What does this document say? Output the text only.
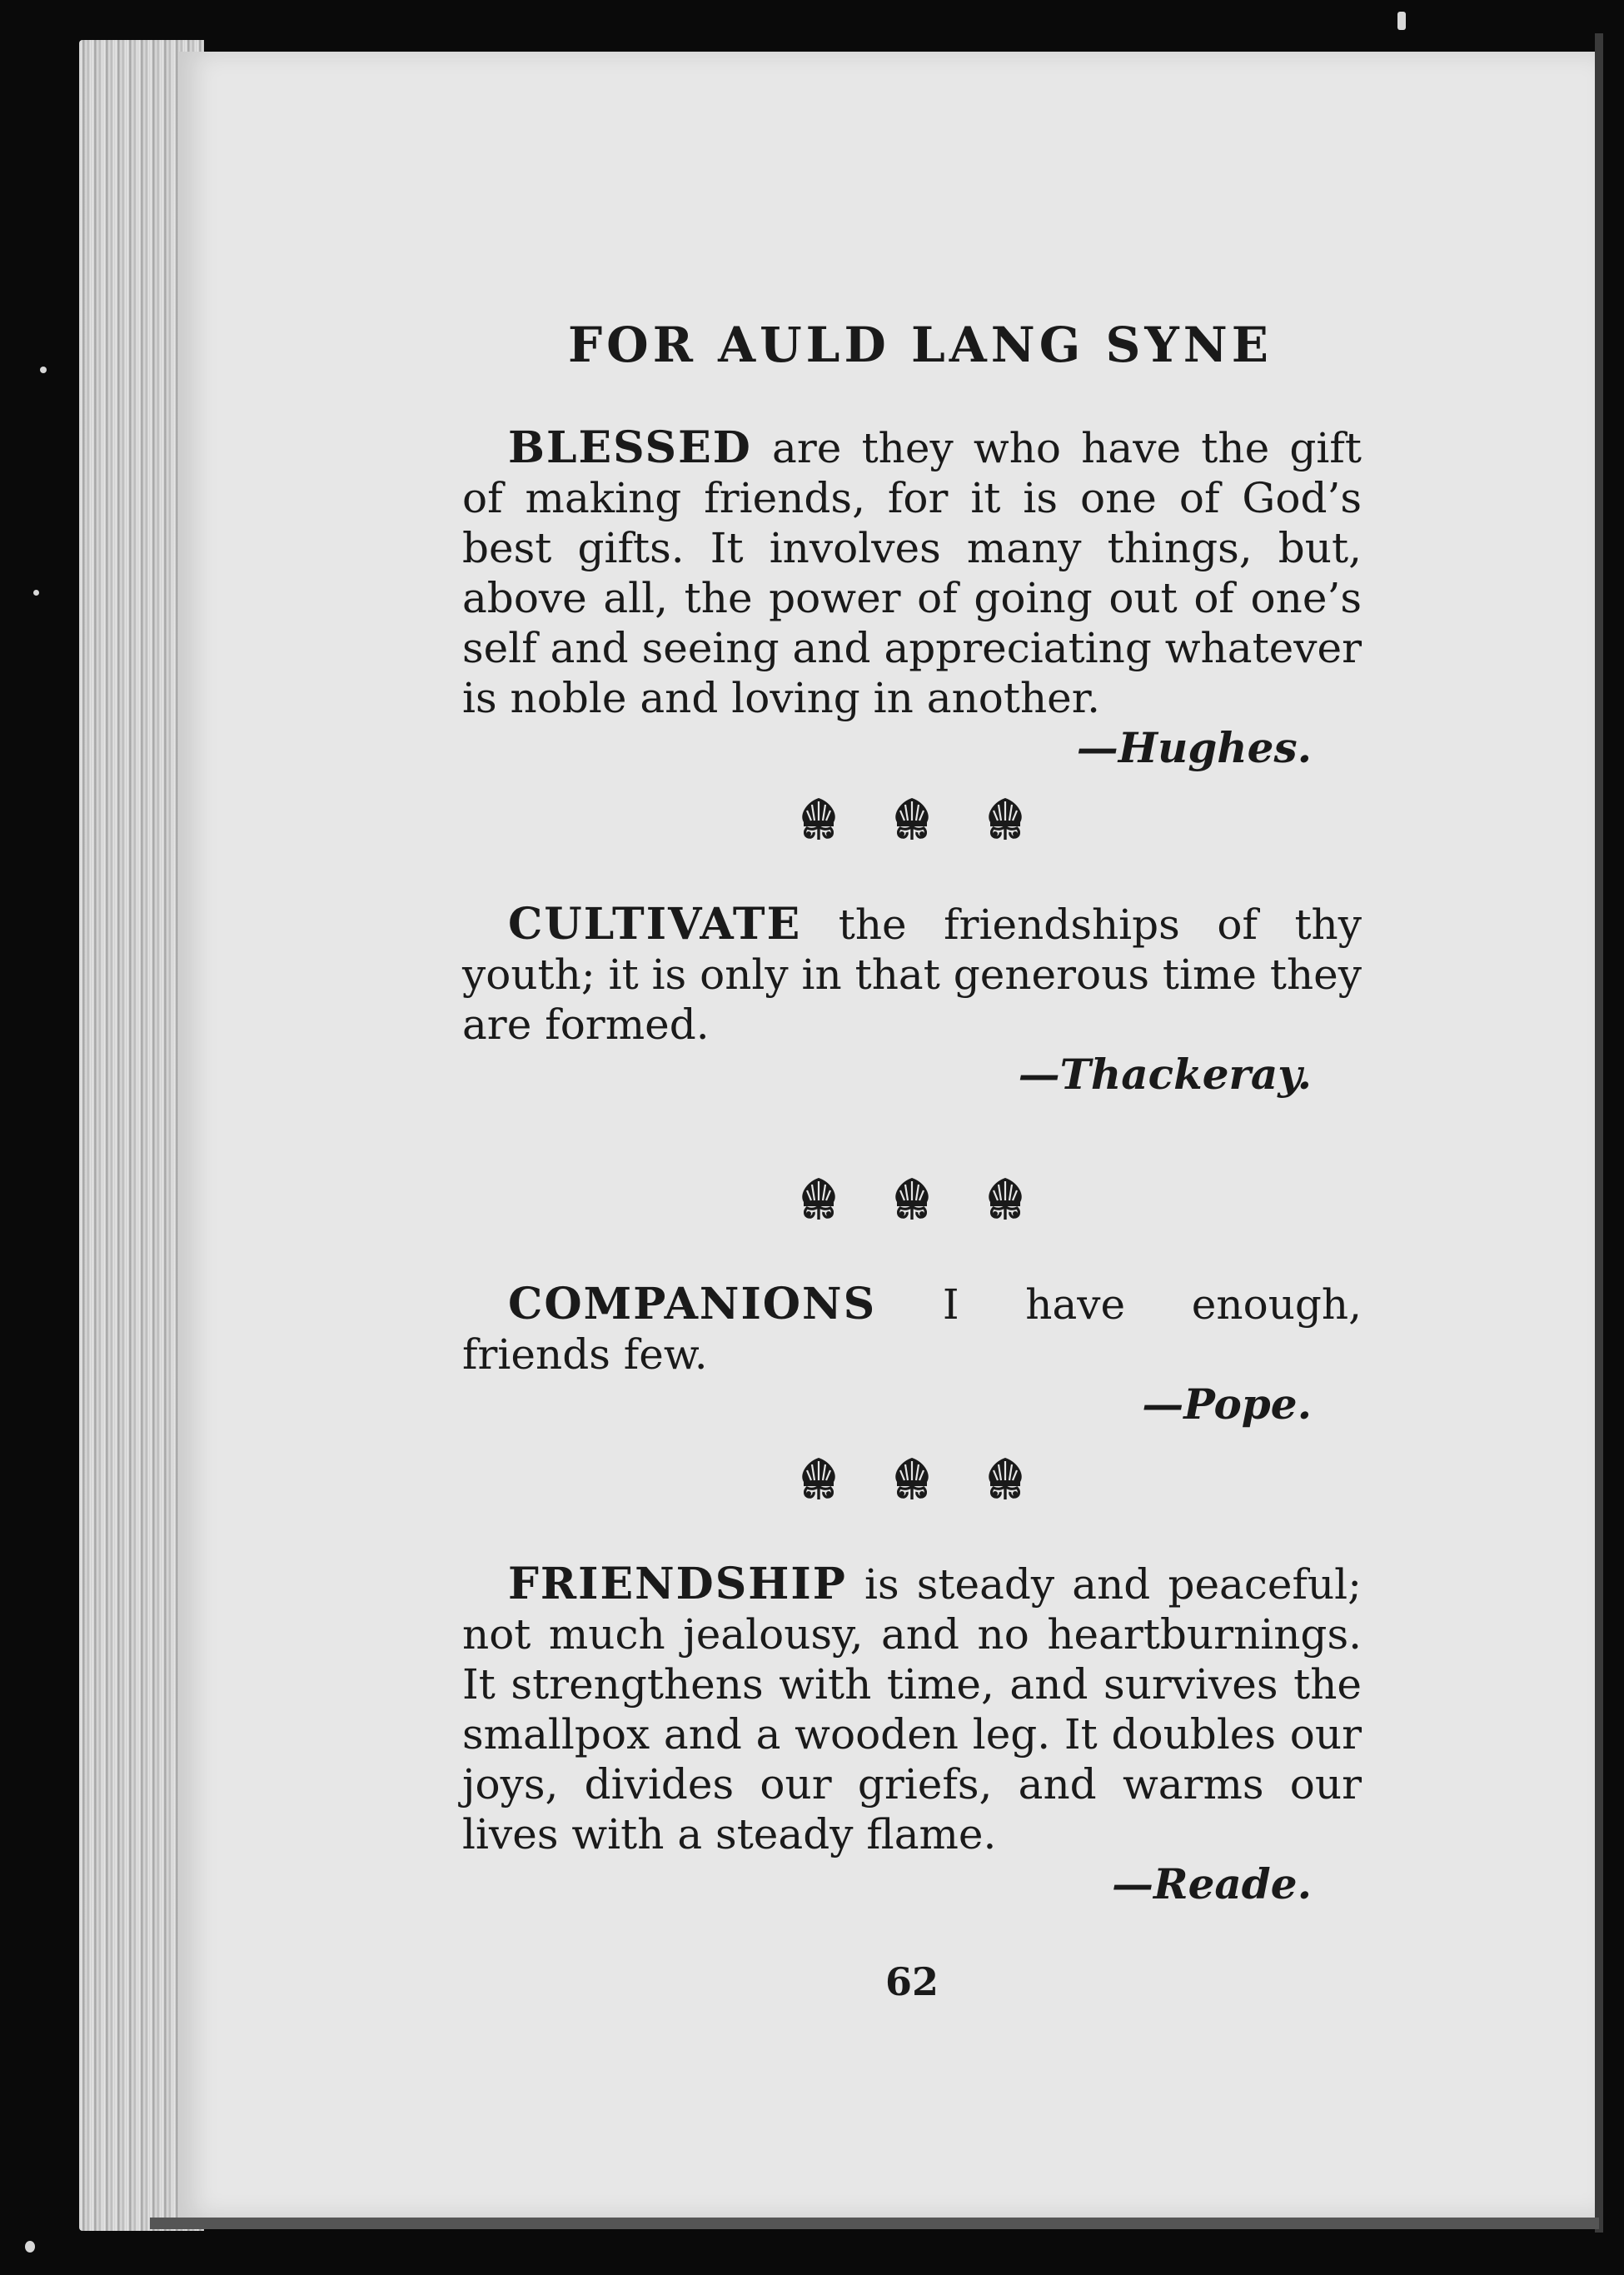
FOR AULD LANG SYNE

BLESSED are they who have the gift of making friends, for it is one of God’s best gifts. It involves many things, but, above all, the power of going out of one’s self and seeing and appreciating whatever is noble and loving in another.

—Hughes.

CULTIVATE the friendships of thy youth; it is only in that generous time they are formed.

—Thackeray.

COMPANIONS I have enough, friends few.

—Pope.

FRIENDSHIP is steady and peaceful; not much jealousy, and no heartburnings. It strengthens with time, and survives the smallpox and a wooden leg. It doubles our joys, divides our griefs, and warms our lives with a steady flame.

—Reade.

62
